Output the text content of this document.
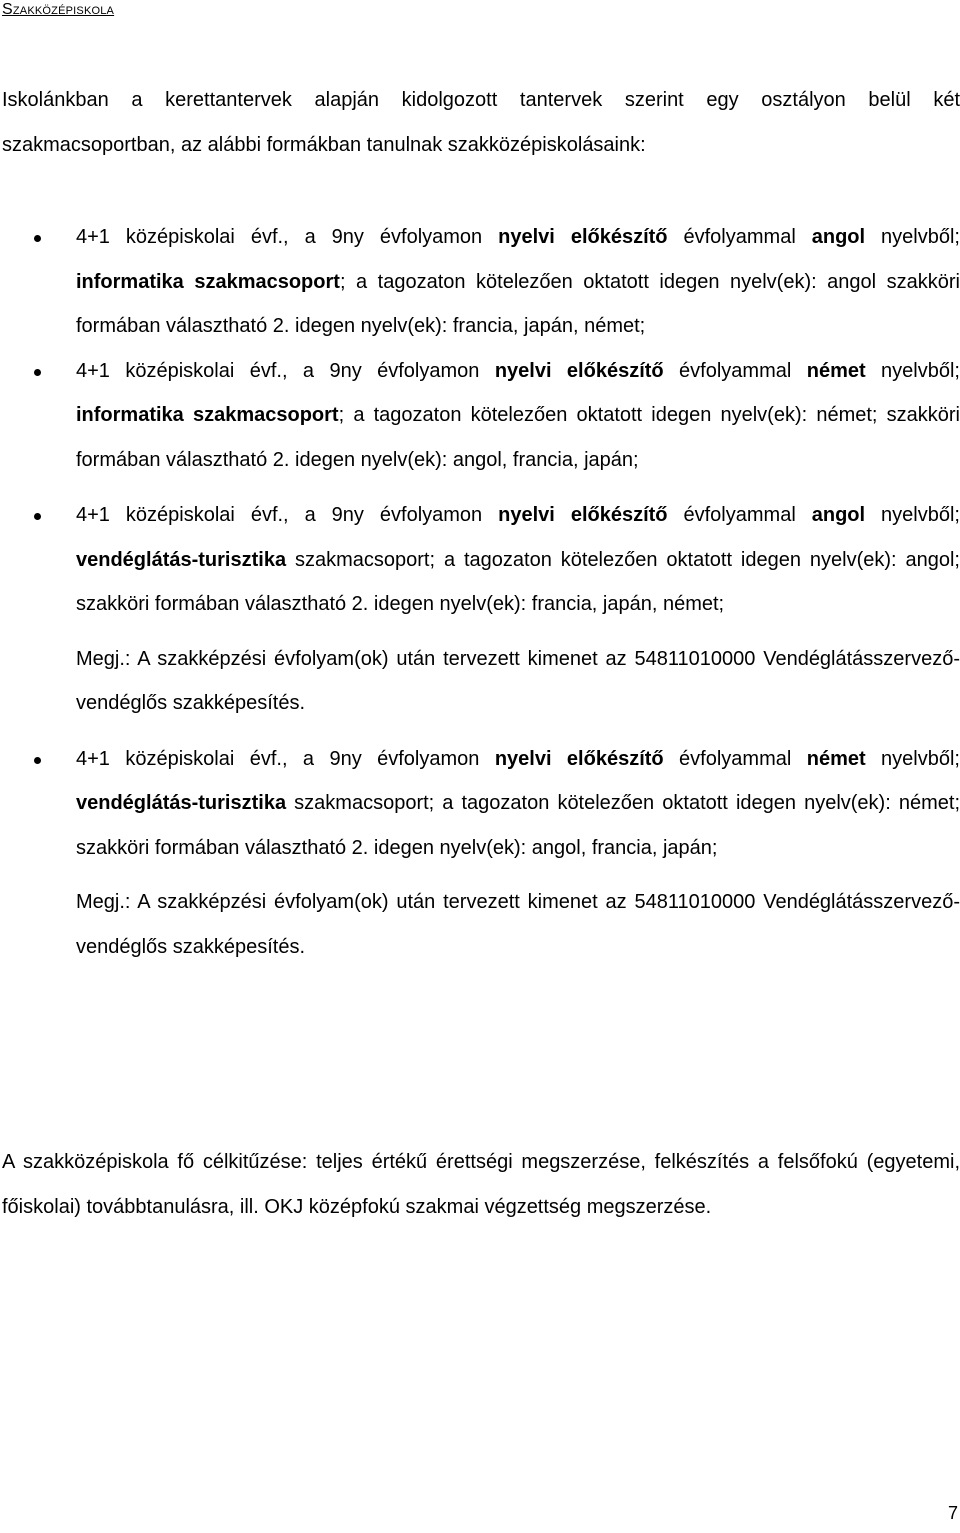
Szakközépiskola

Iskolánkban a kerettantervek alapján kidolgozott tantervek szerint egy osztályon belül két szakmacsoportban, az alábbi formákban tanulnak szakközépiskolásaink:

4+1 középiskolai évf., a 9ny évfolyamon nyelvi előkészítő évfolyammal angol nyelvből; informatika szakmacsoport; a tagozaton kötelezően oktatott idegen nyelv(ek): angol szakköri formában választható 2. idegen nyelv(ek): francia, japán, német;
4+1 középiskolai évf., a 9ny évfolyamon nyelvi előkészítő évfolyammal német nyelvből; informatika szakmacsoport; a tagozaton kötelezően oktatott idegen nyelv(ek): német; szakköri formában választható 2. idegen nyelv(ek): angol, francia, japán;
4+1 középiskolai évf., a 9ny évfolyamon nyelvi előkészítő évfolyammal angol nyelvből; vendéglátás-turisztika szakmacsoport; a tagozaton kötelezően oktatott idegen nyelv(ek): angol; szakköri formában választható 2. idegen nyelv(ek): francia, japán, német;
Megj.: A szakképzési évfolyam(ok) után tervezett kimenet az 54811010000 Vendéglátásszervező-vendéglős szakképesítés.
4+1 középiskolai évf., a 9ny évfolyamon nyelvi előkészítő évfolyammal német nyelvből; vendéglátás-turisztika szakmacsoport; a tagozaton kötelezően oktatott idegen nyelv(ek): német; szakköri formában választható 2. idegen nyelv(ek): angol, francia, japán;
Megj.: A szakképzési évfolyam(ok) után tervezett kimenet az 54811010000 Vendéglátásszervező-vendéglős szakképesítés.

A szakközépiskola fő célkitűzése: teljes értékű érettségi megszerzése, felkészítés a felsőfokú (egyetemi, főiskolai) továbbtanulásra, ill. OKJ középfokú szakmai végzettség megszerzése.

7
